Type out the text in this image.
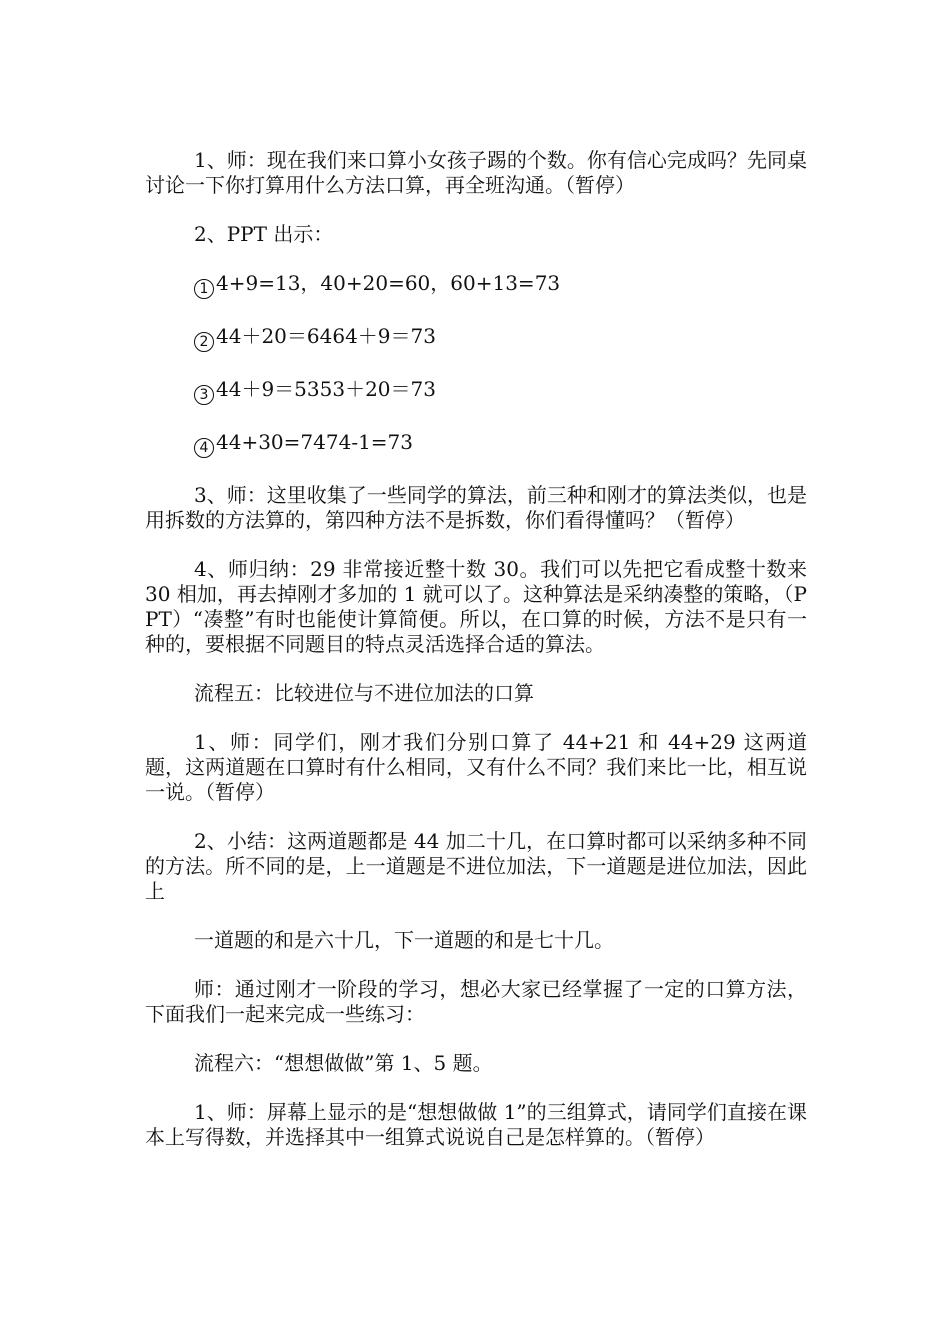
1、师：现在我们来口算小女孩子踢的个数。你有信心完成吗？先同桌讨论一下你打算用什么方法口算，再全班沟通。（暂停）

2、PPT 出示：

1 4+9=13，40+20=60，60+13=73

2 44＋20＝6464＋9＝73

3 44＋9＝5353＋20＝73

4 44+30=7474-1=73

3、师：这里收集了一些同学的算法，前三种和刚才的算法类似，也是用拆数的方法算的，第四种方法不是拆数，你们看得懂吗？（暂停）

4、师归纳：29 非常接近整十数 30。我们可以先把它看成整十数来 30 相加，再去掉刚才多加的 1 就可以了。这种算法是采纳凑整的策略，（PPT）“凑整”有时也能使计算简便。所以，在口算的时候，方法不是只有一种的，要根据不同题目的特点灵活选择合适的算法。

流程五：比较进位与不进位加法的口算

1、师：同学们，刚才我们分别口算了 44+21 和 44+29 这两道题，这两道题在口算时有什么相同，又有什么不同？我们来比一比，相互说一说。（暂停）

2、小结：这两道题都是 44 加二十几，在口算时都可以采纳多种不同的方法。所不同的是，上一道题是不进位加法，下一道题是进位加法，因此上

一道题的和是六十几，下一道题的和是七十几。

师：通过刚才一阶段的学习，想必大家已经掌握了一定的口算方法，下面我们一起来完成一些练习：

流程六：“想想做做”第 1、5 题。

1、师：屏幕上显示的是“想想做做 1”的三组算式，请同学们直接在课本上写得数，并选择其中一组算式说说自己是怎样算的。（暂停）
